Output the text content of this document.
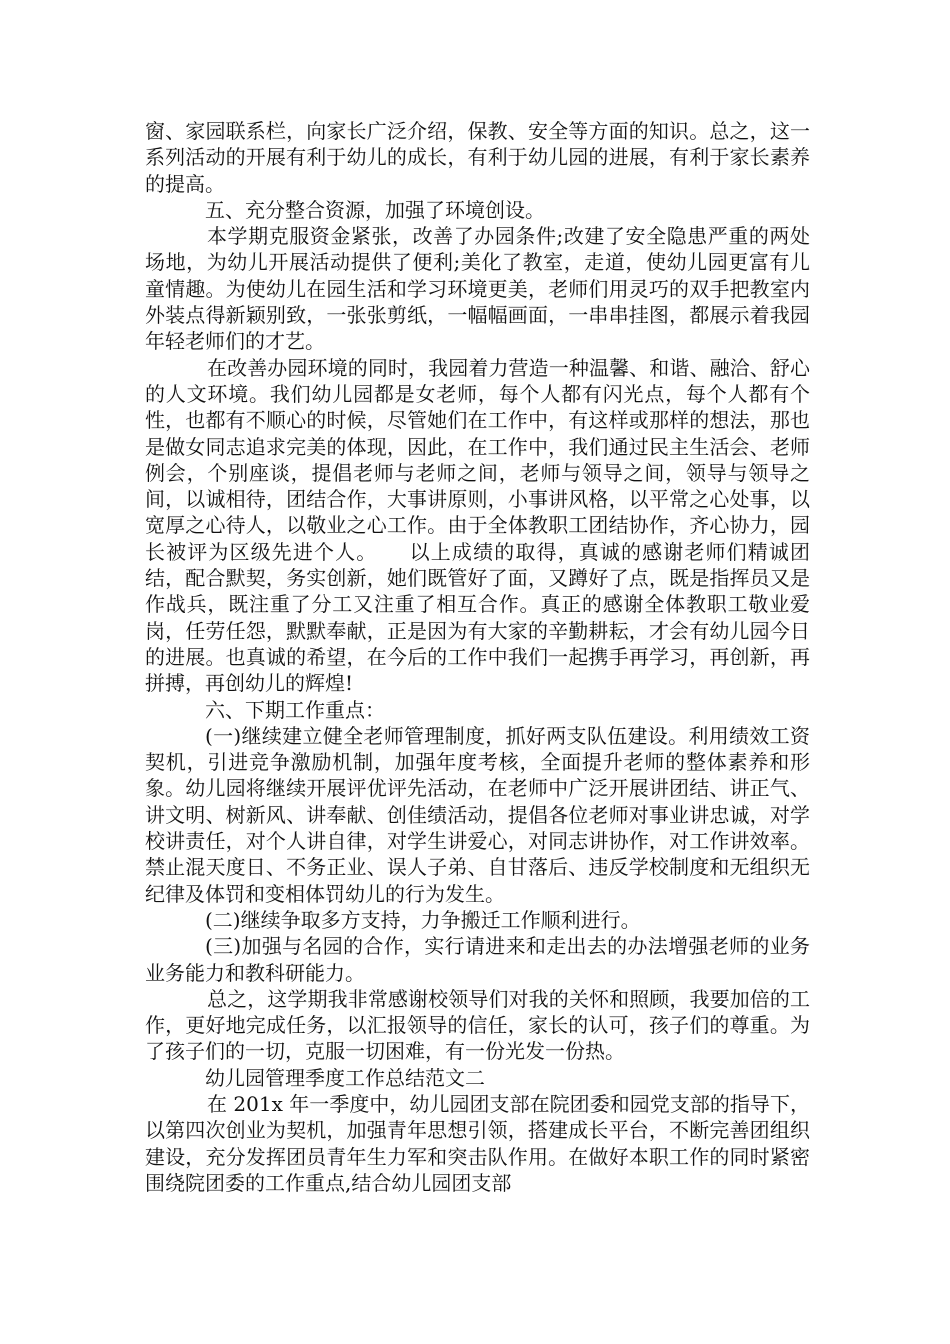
窗、家园联系栏，向家长广泛介绍，保教、安全等方面的知识。总之，这一系列活动的开展有利于幼儿的成长，有利于幼儿园的进展，有利于家长素养的提高。

五、充分整合资源，加强了环境创设。

本学期克服资金紧张，改善了办园条件;改建了安全隐患严重的两处场地，为幼儿开展活动提供了便利;美化了教室，走道，使幼儿园更富有儿童情趣。为使幼儿在园生活和学习环境更美，老师们用灵巧的双手把教室内外装点得新颖别致，一张张剪纸，一幅幅画面，一串串挂图，都展示着我园年轻老师们的才艺。

在改善办园环境的同时，我园着力营造一种温馨、和谐、融洽、舒心的人文环境。我们幼儿园都是女老师，每个人都有闪光点，每个人都有个性，也都有不顺心的时候，尽管她们在工作中，有这样或那样的想法，那也是做女同志追求完美的体现，因此，在工作中，我们通过民主生活会、老师例会，个别座谈，提倡老师与老师之间，老师与领导之间，领导与领导之间，以诚相待，团结合作，大事讲原则，小事讲风格，以平常之心处事，以宽厚之心待人，以敬业之心工作。由于全体教职工团结协作，齐心协力，园长被评为区级先进个人。　　以上成绩的取得，真诚的感谢老师们精诚团结，配合默契，务实创新，她们既管好了面，又蹲好了点，既是指挥员又是作战兵，既注重了分工又注重了相互合作。真正的感谢全体教职工敬业爱岗，任劳任怨，默默奉献，正是因为有大家的辛勤耕耘，才会有幼儿园今日的进展。也真诚的希望，在今后的工作中我们一起携手再学习，再创新，再拼搏，再创幼儿的辉煌!

六、下期工作重点：

(一)继续建立健全老师管理制度，抓好两支队伍建设。利用绩效工资契机，引进竞争激励机制，加强年度考核，全面提升老师的整体素养和形象。幼儿园将继续开展评优评先活动，在老师中广泛开展讲团结、讲正气、讲文明、树新风、讲奉献、创佳绩活动，提倡各位老师对事业讲忠诚，对学校讲责任，对个人讲自律，对学生讲爱心，对同志讲协作，对工作讲效率。禁止混天度日、不务正业、误人子弟、自甘落后、违反学校制度和无组织无纪律及体罚和变相体罚幼儿的行为发生。

(二)继续争取多方支持，力争搬迁工作顺利进行。

(三)加强与名园的合作，实行请进来和走出去的办法增强老师的业务业务能力和教科研能力。

总之，这学期我非常感谢校领导们对我的关怀和照顾，我要加倍的工作，更好地完成任务，以汇报领导的信任，家长的认可，孩子们的尊重。为了孩子们的一切，克服一切困难，有一份光发一份热。

幼儿园管理季度工作总结范文二

在 201x 年一季度中，幼儿园团支部在院团委和园党支部的指导下，以第四次创业为契机，加强青年思想引领，搭建成长平台，不断完善团组织建设，充分发挥团员青年生力军和突击队作用。在做好本职工作的同时紧密围绕院团委的工作重点,结合幼儿园团支部
